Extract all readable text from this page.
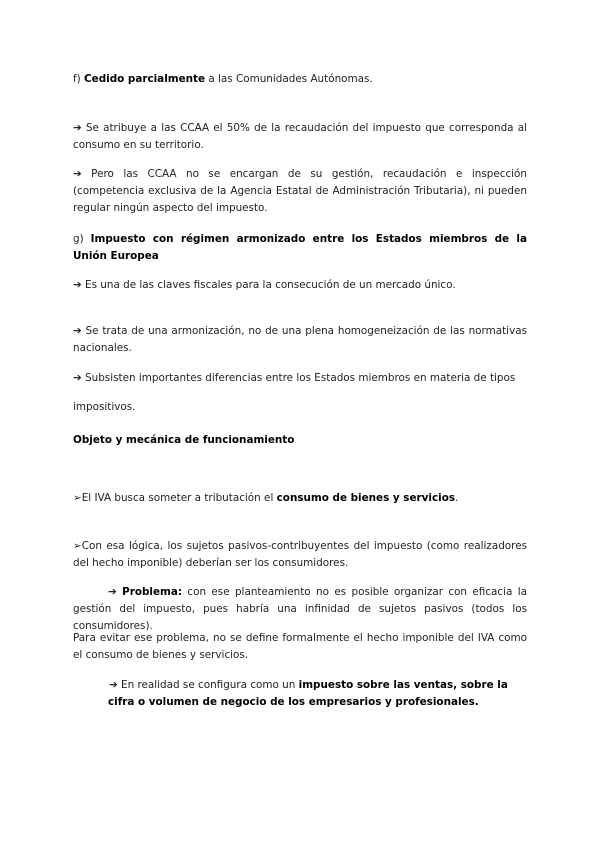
f) Cedido parcialmente a las Comunidades Autónomas.

➔ Se atribuye a las CCAA el 50% de la recaudación del impuesto que corresponda al consumo en su territorio.

➔ Pero las CCAA no se encargan de su gestión, recaudación e inspección (competencia exclusiva de la Agencia Estatal de Administración Tributaria), ni pueden regular ningún aspecto del impuesto.

g) Impuesto con régimen armonizado entre los Estados miembros de la Unión Europea

➔ Es una de las claves fiscales para la consecución de un mercado único.

➔ Se trata de una armonización, no de una plena homogeneización de las normativas nacionales.

➔ Subsisten importantes diferencias entre los Estados miembros en materia de tipos

impositivos.

Objeto y mecánica de funcionamiento

➢El IVA busca someter a tributación el consumo de bienes y servicios.

➢Con esa lógica, los sujetos pasivos-contribuyentes del impuesto (como realizadores del hecho imponible) deberían ser los consumidores.

➔ Problema: con ese planteamiento no es posible organizar con eficacia la gestión del impuesto, pues habría una infinidad de sujetos pasivos (todos los consumidores).

Para evitar ese problema, no se define formalmente el hecho imponible del IVA como el consumo de bienes y servicios.

➔ En realidad se configura como un impuesto sobre las ventas, sobre la cifra o volumen de negocio de los empresarios y profesionales.
